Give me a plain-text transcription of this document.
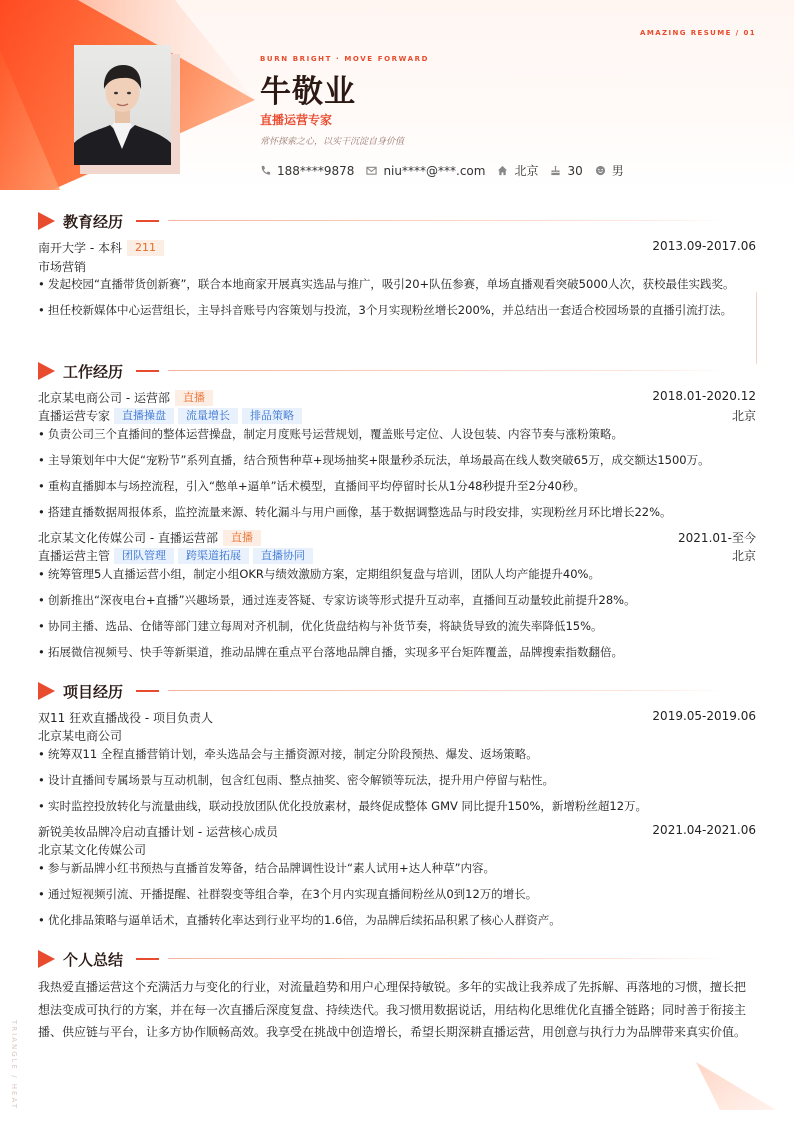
AMAZING RESUME / 01
BURN BRIGHT · MOVE FORWARD
牛敬业
直播运营专家
常怀探索之心，以实干沉淀自身价值
188****9878 niu****@***.com 北京 30 男
教育经历
南开大学 - 本科	211	2013.09-2017.06
市场营销
• 发起校园“直播带货创新赛”，联合本地商家开展真实选品与推广，吸引20+队伍参赛，单场直播观看突破5000人次，获校最佳实践奖。
• 担任校新媒体中心运营组长，主导抖音账号内容策划与投流，3个月实现粉丝增长200%，并总结出一套适合校园场景的直播引流打法。
工作经历
北京某电商公司 - 运营部	直播	2018.01-2020.12
直播运营专家	直播操盘	流量增长	排品策略	北京
• 负责公司三个直播间的整体运营操盘，制定月度账号运营规划，覆盖账号定位、人设包装、内容节奏与涨粉策略。
• 主导策划年中大促“宠粉节”系列直播，结合预售种草+现场抽奖+限量秒杀玩法，单场最高在线人数突破65万，成交额达1500万。
• 重构直播脚本与场控流程，引入“憋单+逼单”话术模型，直播间平均停留时长从1分48秒提升至2分40秒。
• 搭建直播数据周报体系，监控流量来源、转化漏斗与用户画像，基于数据调整选品与时段安排，实现粉丝月环比增长22%。
北京某文化传媒公司 - 直播运营部	直播	2021.01-至今
直播运营主管	团队管理	跨渠道拓展	直播协同	北京
• 统筹管理5人直播运营小组，制定小组OKR与绩效激励方案，定期组织复盘与培训，团队人均产能提升40%。
• 创新推出“深夜电台+直播”兴趣场景，通过连麦答疑、专家访谈等形式提升互动率，直播间互动量较此前提升28%。
• 协同主播、选品、仓储等部门建立每周对齐机制，优化货盘结构与补货节奏，将缺货导致的流失率降低15%。
• 拓展微信视频号、快手等新渠道，推动品牌在重点平台落地品牌自播，实现多平台矩阵覆盖，品牌搜索指数翻倍。
项目经历
双11 狂欢直播战役 - 项目负责人	2019.05-2019.06
北京某电商公司
• 统筹双11 全程直播营销计划，牵头选品会与主播资源对接，制定分阶段预热、爆发、返场策略。
• 设计直播间专属场景与互动机制，包含红包雨、整点抽奖、密令解锁等玩法，提升用户停留与粘性。
• 实时监控投放转化与流量曲线，联动投放团队优化投放素材，最终促成整体 GMV 同比提升150%，新增粉丝超12万。
新锐美妆品牌冷启动直播计划 - 运营核心成员	2021.04-2021.06
北京某文化传媒公司
• 参与新品牌小红书预热与直播首发筹备，结合品牌调性设计“素人试用+达人种草”内容。
• 通过短视频引流、开播提醒、社群裂变等组合拳，在3个月内实现直播间粉丝从0到12万的增长。
• 优化排品策略与逼单话术，直播转化率达到行业平均的1.6倍，为品牌后续拓品积累了核心人群资产。
个人总结
我热爱直播运营这个充满活力与变化的行业，对流量趋势和用户心理保持敏锐。多年的实战让我养成了先拆解、再落地的习惯，擅长把想法变成可执行的方案，并在每一次直播后深度复盘、持续迭代。我习惯用数据说话，用结构化思维优化直播全链路；同时善于衔接主播、供应链与平台，让多方协作顺畅高效。我享受在挑战中创造增长，希望长期深耕直播运营，用创意与执行力为品牌带来真实价值。
TRIANGLE / HEAT
